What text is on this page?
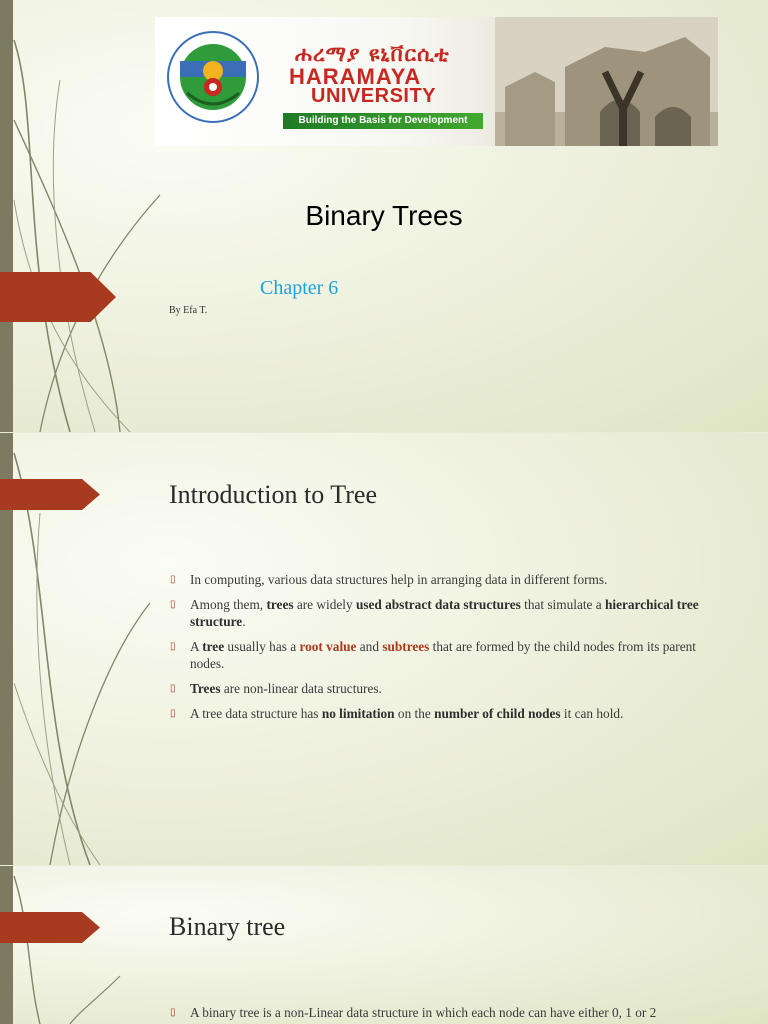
ሐረማያ ዩኒቨርሲቲ
HARAMAYA
UNIVERSITY
Building the Basis for Development
Binary Trees
Chapter 6
By Efa T.
Introduction to Tree
▯ In computing, various data structures help in arranging data in different forms.
▯ Among them, trees are widely used abstract data structures that simulate a hierarchical tree structure.
▯ A tree usually has a root value and subtrees that are formed by the child nodes from its parent nodes.
▯ Trees are non-linear data structures.
▯ A tree data structure has no limitation on the number of child nodes it can hold.
Binary tree
▯ A binary tree is a non-Linear data structure in which each node can have either 0, 1 or 2
